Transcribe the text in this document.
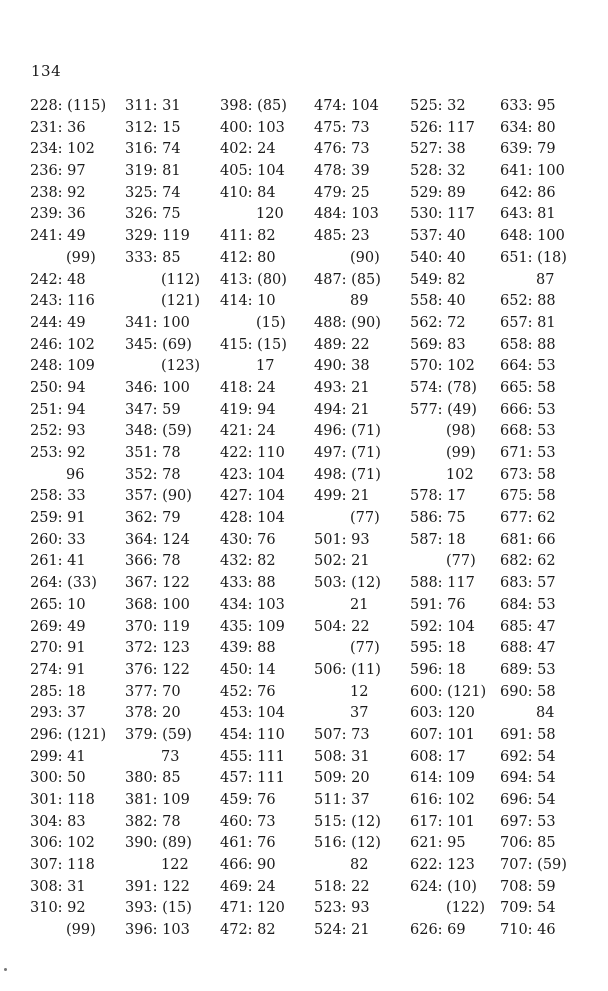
134
228: (115)
231: 36
234: 102
236: 97
238: 92
239: 36
241: 49
(99)
242: 48
243: 116
244: 49
246: 102
248: 109
250: 94
251: 94
252: 93
253: 92
96
258: 33
259: 91
260: 33
261: 41
264: (33)
265: 10
269: 49
270: 91
274: 91
285: 18
293: 37
296: (121)
299: 41
300: 50
301: 118
304: 83
306: 102
307: 118
308: 31
310: 92
(99)
311: 31
312: 15
316: 74
319: 81
325: 74
326: 75
329: 119
333: 85
(112)
(121)
341: 100
345: (69)
(123)
346: 100
347: 59
348: (59)
351: 78
352: 78
357: (90)
362: 79
364: 124
366: 78
367: 122
368: 100
370: 119
372: 123
376: 122
377: 70
378: 20
379: (59)
73
380: 85
381: 109
382: 78
390: (89)
122
391: 122
393: (15)
396: 103
398: (85)
400: 103
402: 24
405: 104
410: 84
120
411: 82
412: 80
413: (80)
414: 10
(15)
415: (15)
17
418: 24
419: 94
421: 24
422: 110
423: 104
427: 104
428: 104
430: 76
432: 82
433: 88
434: 103
435: 109
439: 88
450: 14
452: 76
453: 104
454: 110
455: 111
457: 111
459: 76
460: 73
461: 76
466: 90
469: 24
471: 120
472: 82
474: 104
475: 73
476: 73
478: 39
479: 25
484: 103
485: 23
(90)
487: (85)
89
488: (90)
489: 22
490: 38
493: 21
494: 21
496: (71)
497: (71)
498: (71)
499: 21
(77)
501: 93
502: 21
503: (12)
21
504: 22
(77)
506: (11)
12
37
507: 73
508: 31
509: 20
511: 37
515: (12)
516: (12)
82
518: 22
523: 93
524: 21
525: 32
526: 117
527: 38
528: 32
529: 89
530: 117
537: 40
540: 40
549: 82
558: 40
562: 72
569: 83
570: 102
574: (78)
577: (49)
(98)
(99)
102
578: 17
586: 75
587: 18
(77)
588: 117
591: 76
592: 104
595: 18
596: 18
600: (121)
603: 120
607: 101
608: 17
614: 109
616: 102
617: 101
621: 95
622: 123
624: (10)
(122)
626: 69
633: 95
634: 80
639: 79
641: 100
642: 86
643: 81
648: 100
651: (18)
87
652: 88
657: 81
658: 88
664: 53
665: 58
666: 53
668: 53
671: 53
673: 58
675: 58
677: 62
681: 66
682: 62
683: 57
684: 53
685: 47
688: 47
689: 53
690: 58
84
691: 58
692: 54
694: 54
696: 54
697: 53
706: 85
707: (59)
708: 59
709: 54
710: 46
